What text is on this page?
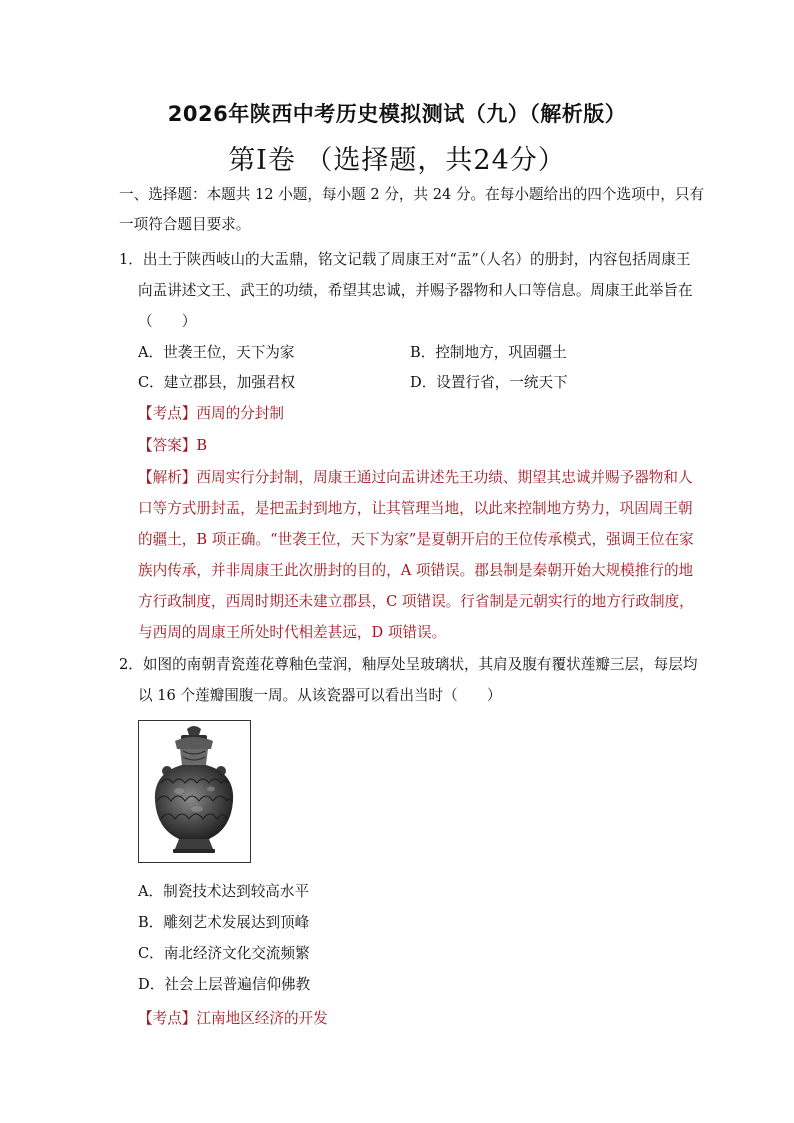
2026年陕西中考历史模拟测试（九）（解析版）
第Ⅰ卷 （选择题，共24分）
一、选择题：本题共 12 小题，每小题 2 分，共 24 分。在每小题给出的四个选项中，只有
一项符合题目要求。
1．出土于陕西岐山的大盂鼎，铭文记载了周康王对“盂”（人名）的册封，内容包括周康王
向盂讲述文王、武王的功绩，希望其忠诚，并赐予器物和人口等信息。周康王此举旨在
（　　）
A．世袭王位，天下为家	B．控制地方，巩固疆土
C．建立郡县，加强君权	D．设置行省，一统天下
【考点】西周的分封制
【答案】B
【解析】西周实行分封制，周康王通过向盂讲述先王功绩、期望其忠诚并赐予器物和人
口等方式册封盂，是把盂封到地方，让其管理当地，以此来控制地方势力，巩固周王朝
的疆土，B 项正确。“世袭王位，天下为家”是夏朝开启的王位传承模式，强调王位在家
族内传承，并非周康王此次册封的目的，A 项错误。郡县制是秦朝开始大规模推行的地
方行政制度，西周时期还未建立郡县，C 项错误。行省制是元朝实行的地方行政制度，
与西周的周康王所处时代相差甚远，D 项错误。
2．如图的南朝青瓷莲花尊釉色莹润，釉厚处呈玻璃状，其肩及腹有覆状莲瓣三层，每层均
以 16 个莲瓣围腹一周。从该瓷器可以看出当时（　　）
A．制瓷技术达到较高水平
B．雕刻艺术发展达到顶峰
C．南北经济文化交流频繁
D．社会上层普遍信仰佛教
【考点】江南地区经济的开发
